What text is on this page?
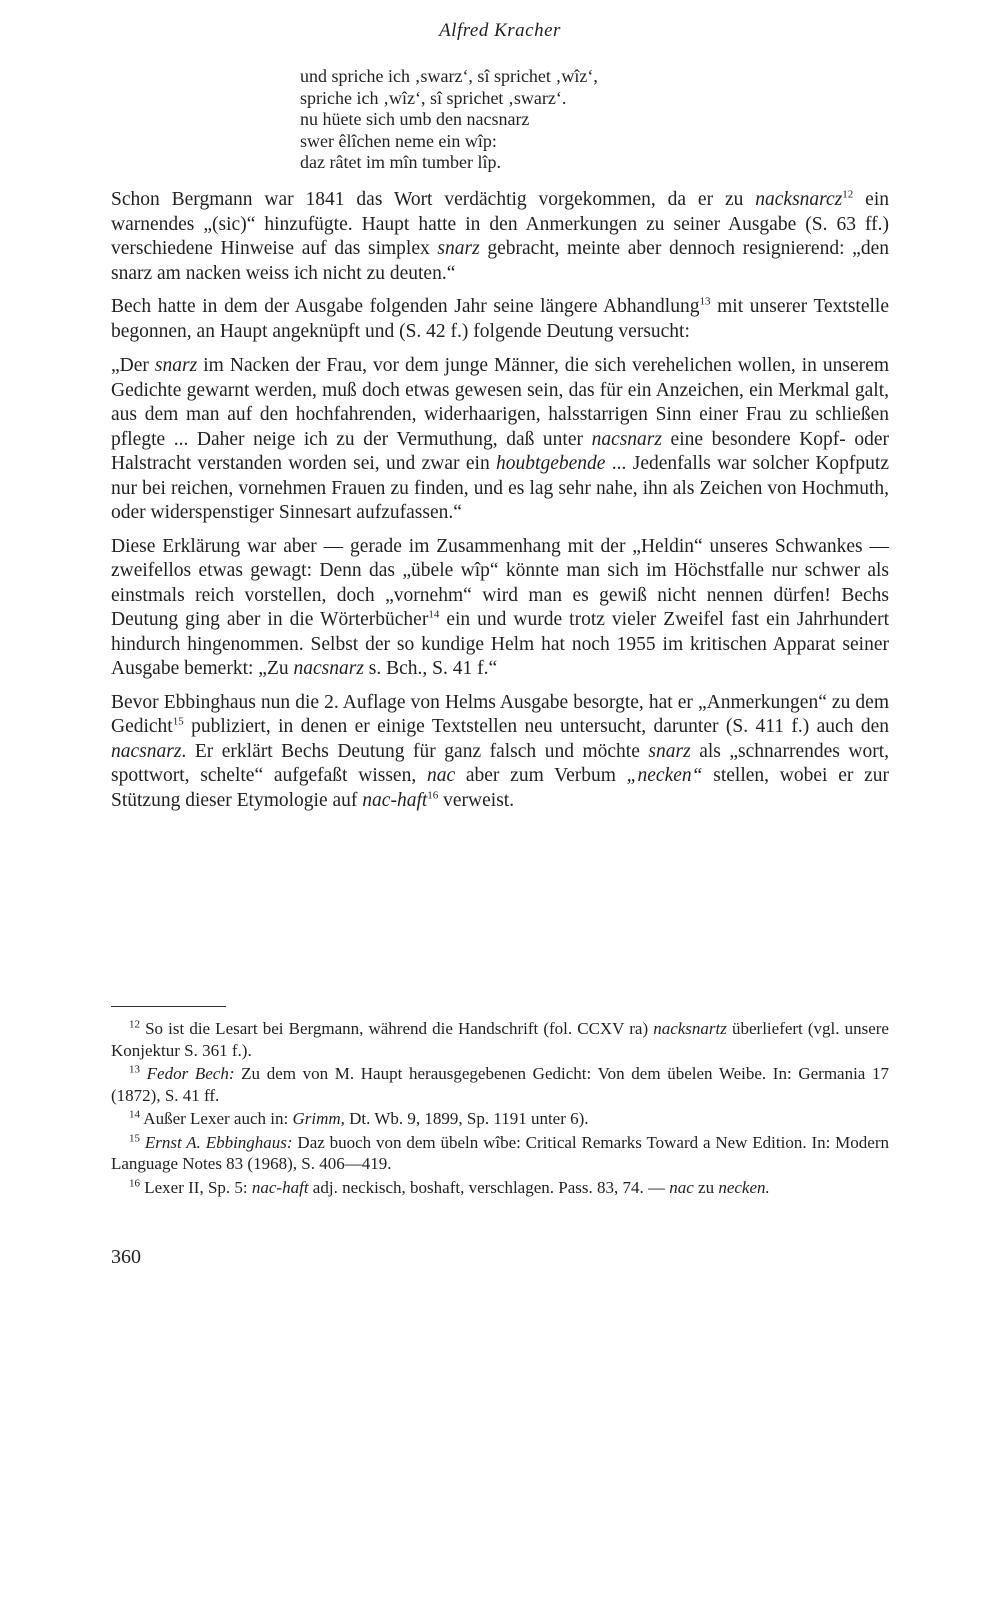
Alfred Kracher
und spriche ich ‚swarz‘, sî sprichet ‚wîz‘,
spriche ich ‚wîz‘, sî sprichet ‚swarz‘.
nu hüete sich umb den nacsnarz
swer êlîchen neme ein wîp:
daz râtet im mîn tumber lîp.

Schon Bergmann war 1841 das Wort verdächtig vorgekommen, da er zu nacksnarcz$^{12}$ ein warnendes „(sic)“ hinzufügte. Haupt hatte in den Anmerkungen zu seiner Ausgabe (S. 63 ff.) verschiedene Hinweise auf das simplex snarz gebracht, meinte aber dennoch resignierend: „den snarz am nacken weiss ich nicht zu deuten.“

Bech hatte in dem der Ausgabe folgenden Jahr seine längere Abhandlung$^{13}$ mit unserer Textstelle begonnen, an Haupt angeknüpft und (S. 42 f.) folgende Deutung versucht:

„Der snarz im Nacken der Frau, vor dem junge Männer, die sich verehelichen wollen, in unserem Gedichte gewarnt werden, muß doch etwas gewesen sein, das für ein Anzeichen, ein Merkmal galt, aus dem man auf den hochfahrenden, widerhaarigen, halsstarrigen Sinn einer Frau zu schließen pflegte ... Daher neige ich zu der Vermuthung, daß unter nacsnarz eine besondere Kopf- oder Halstracht verstanden worden sei, und zwar ein houbtgebende ... Jedenfalls war solcher Kopfputz nur bei reichen, vornehmen Frauen zu finden, und es lag sehr nahe, ihn als Zeichen von Hochmuth, oder widerspenstiger Sinnesart aufzufassen.“

Diese Erklärung war aber — gerade im Zusammenhang mit der „Heldin“ unseres Schwankes — zweifellos etwas gewagt: Denn das „übele wîp“ könnte man sich im Höchstfalle nur schwer als einstmals reich vorstellen, doch „vornehm“ wird man es gewiß nicht nennen dürfen! Bechs Deutung ging aber in die Wörterbücher$^{14}$ ein und wurde trotz vieler Zweifel fast ein Jahrhundert hindurch hingenommen. Selbst der so kundige Helm hat noch 1955 im kritischen Apparat seiner Ausgabe bemerkt: „Zu nacsnarz s. Bch., S. 41 f.“

Bevor Ebbinghaus nun die 2. Auflage von Helms Ausgabe besorgte, hat er „Anmerkungen“ zu dem Gedicht$^{15}$ publiziert, in denen er einige Textstellen neu untersucht, darunter (S. 411 f.) auch den nacsnarz. Er erklärt Bechs Deutung für ganz falsch und möchte snarz als „schnarrendes wort, spottwort, schelte“ aufgefaßt wissen, nac aber zum Verbum „necken“ stellen, wobei er zur Stützung dieser Etymologie auf nac-haft$^{16}$ verweist.

$^{12}$ So ist die Lesart bei Bergmann, während die Handschrift (fol. CCXV ra) nacksnartz überliefert (vgl. unsere Konjektur S. 361 f.).

$^{13}$ Fedor Bech: Zu dem von M. Haupt herausgegebenen Gedicht: Von dem übelen Weibe. In: Germania 17 (1872), S. 41 ff.

$^{14}$ Außer Lexer auch in: Grimm, Dt. Wb. 9, 1899, Sp. 1191 unter 6).

$^{15}$ Ernst A. Ebbinghaus: Daz buoch von dem übeln wîbe: Critical Remarks Toward a New Edition. In: Modern Language Notes 83 (1968), S. 406—419.

$^{16}$ Lexer II, Sp. 5: nac-haft adj. neckisch, boshaft, verschlagen. Pass. 83, 74. — nac zu necken.

360
